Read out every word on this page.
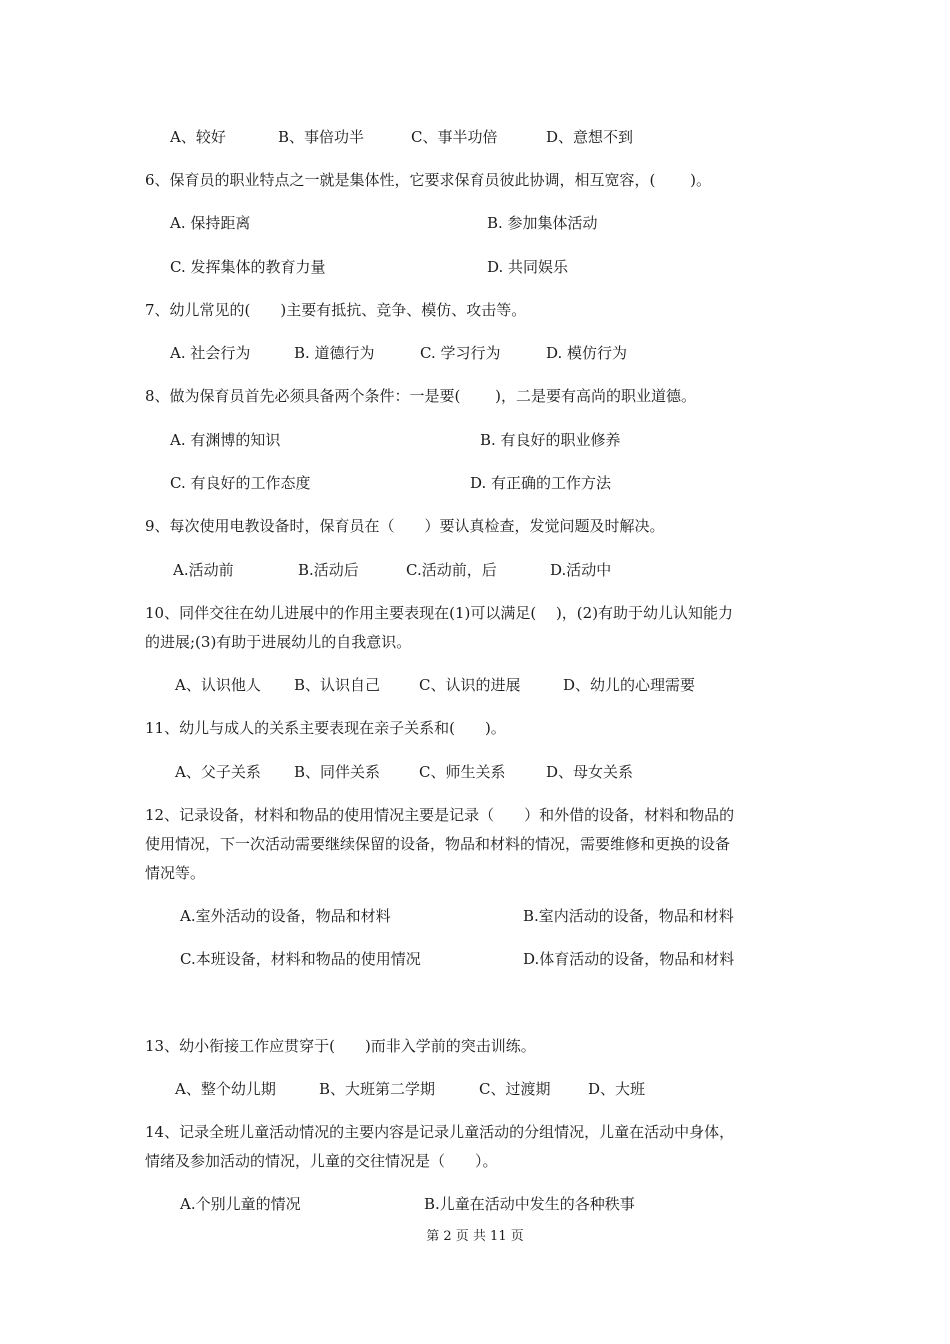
A、较好	B、事倍功半	C、事半功倍	D、意想不到
6、保育员的职业特点之一就是集体性，它要求保育员彼此协调，相互宽容，(　　 )。
A. 保持距离	B. 参加集体活动
C. 发挥集体的教育力量	D. 共同娱乐
7、幼儿常见的(　　)主要有抵抗、竞争、模仿、攻击等。
A. 社会行为	B. 道德行为	C. 学习行为	D. 模仿行为
8、做为保育员首先必须具备两个条件：一是要(　　 )，二是要有高尚的职业道德。
A. 有渊博的知识	B. 有良好的职业修养
C. 有良好的工作态度	D. 有正确的工作方法
9、每次使用电教设备时，保育员在（　　）要认真检查，发觉问题及时解决。
A.活动前	B.活动后	C.活动前，后	D.活动中
10、同伴交往在幼儿进展中的作用主要表现在(1)可以满足(　 )，(2)有助于幼儿认知能力
的进展;(3)有助于进展幼儿的自我意识。
A、认识他人 B、认识自己	C、认识的进展	D、幼儿的心理需要
11、幼儿与成人的关系主要表现在亲子关系和(　　)。
A、父子关系 B、同伴关系	C、师生关系	D、母女关系
12、记录设备，材料和物品的使用情况主要是记录（　　）和外借的设备，材料和物品的
使用情况，下一次活动需要继续保留的设备，物品和材料的情况，需要维修和更换的设备
情况等。
A.室外活动的设备，物品和材料	B.室内活动的设备，物品和材料
C.本班设备，材料和物品的使用情况	D.体育活动的设备，物品和材料
13、幼小衔接工作应贯穿于(　　)而非入学前的突击训练。
A、整个幼儿期	B、大班第二学期	C、过渡期	D、大班
14、记录全班儿童活动情况的主要内容是记录儿童活动的分组情况，儿童在活动中身体，
情绪及参加活动的情况，儿童的交往情况是（　　）。
A.个别儿童的情况	B.儿童在活动中发生的各种秩事
第 2 页 共 11 页
